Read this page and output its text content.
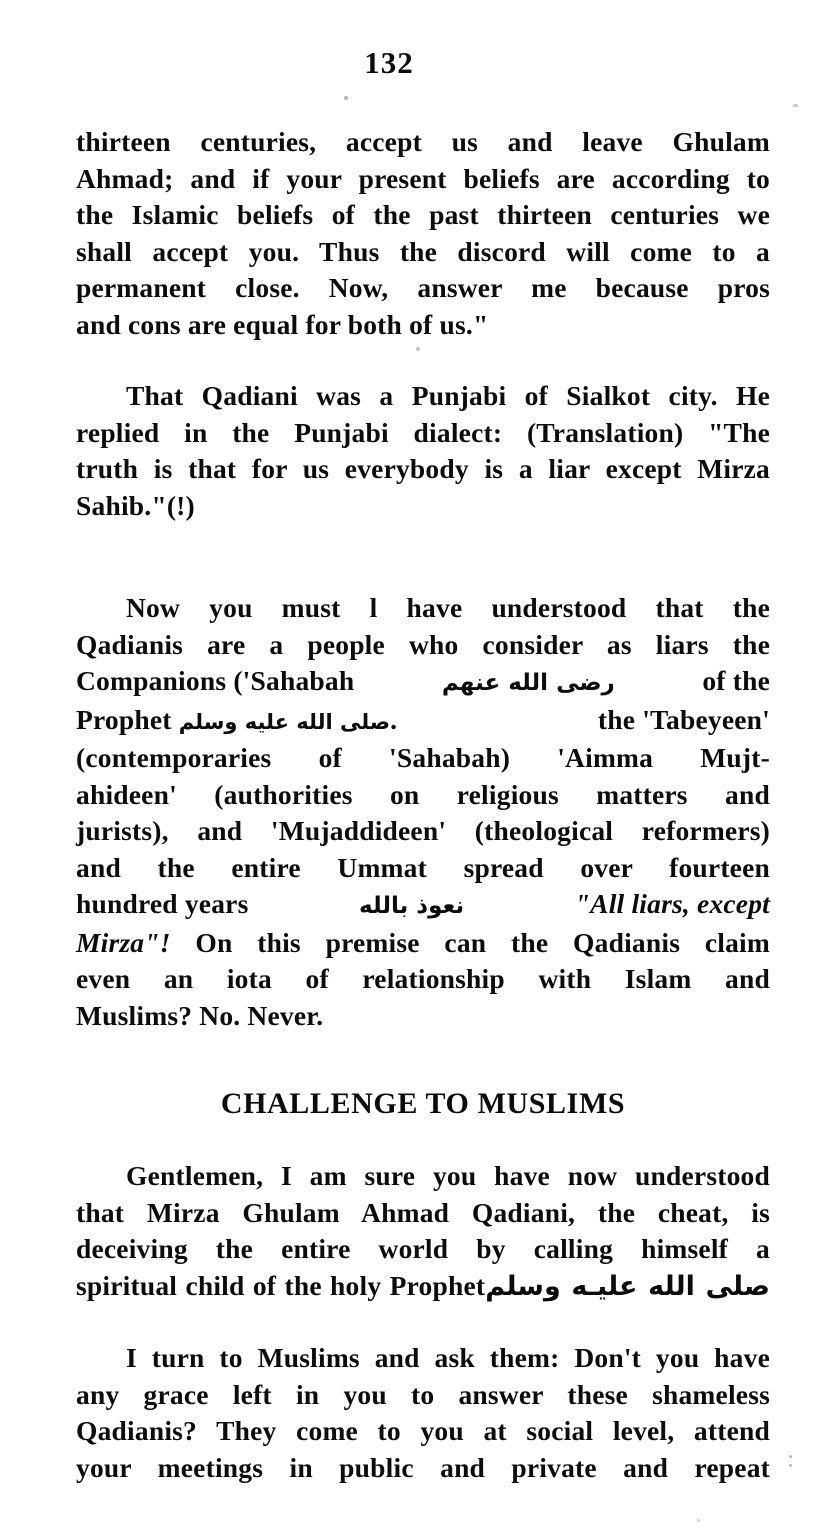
132
thirteen centuries, accept us and leave Ghulam
Ahmad; and if your present beliefs are according to
the Islamic beliefs of the past thirteen centuries we
shall accept you. Thus the discord will come to a
permanent close. Now, answer me because pros
and cons are equal for both of us."
That Qadiani was a Punjabi of Sialkot city. He
replied in the Punjabi dialect: (Translation) "The
truth is that for us everybody is a liar except Mirza
Sahib."(!)
Now you must l have understood that the
Qadianis are a people who consider as liars the
Companions ('Sahabah	رضى الله عنهم	of the
Prophet صلى الله عليه وسلم.	the 'Tabeyeen'
(contemporaries of 'Sahabah) 'Aimma Mujt-
ahideen' (authorities on religious matters and
jurists), and 'Mujaddideen' (theological reformers)
and the entire Ummat spread over fourteen
hundred years	نعوذ بالله	"All liars, except
Mirza"! On this premise can the Qadianis claim
even an iota of relationship with Islam and
Muslims? No. Never.
CHALLENGE TO MUSLIMS
Gentlemen, I am sure you have now understood
that Mirza Ghulam Ahmad Qadiani, the cheat, is
deceiving the entire world by calling himself a
spiritual child of the holy Prophetصلى الله عليـه وسلم
I turn to Muslims and ask them: Don't you have
any grace left in you to answer these shameless
Qadianis? They come to you at social level, attend
your meetings in public and private and repeat
